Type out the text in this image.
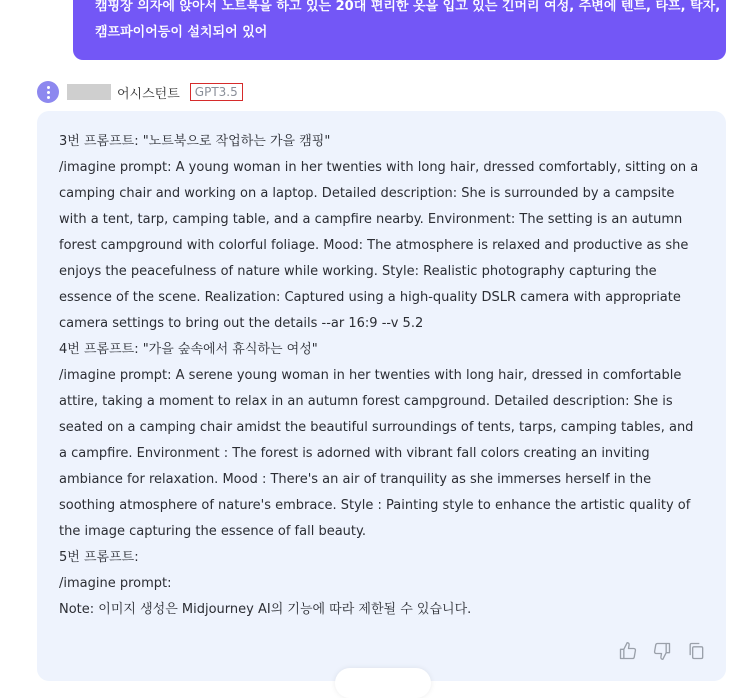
캠핑장 의자에 앉아서 노트북을 하고 있는 20대 편리한 옷을 입고 있는 긴머리 여성, 주변에 텐트, 타프, 탁자,
캠프파이어등이 설치되어 있어
어시스턴트	GPT3.5
3번 프롬프트: "노트북으로 작업하는 가을 캠핑"
/imagine prompt: A young woman in her twenties with long hair, dressed comfortably, sitting on a
camping chair and working on a laptop. Detailed description: She is surrounded by a campsite
with a tent, tarp, camping table, and a campfire nearby. Environment: The setting is an autumn
forest campground with colorful foliage. Mood: The atmosphere is relaxed and productive as she
enjoys the peacefulness of nature while working. Style: Realistic photography capturing the
essence of the scene. Realization: Captured using a high-quality DSLR camera with appropriate
camera settings to bring out the details --ar 16:9 --v 5.2
4번 프롬프트: "가을 숲속에서 휴식하는 여성"
/imagine prompt: A serene young woman in her twenties with long hair, dressed in comfortable
attire, taking a moment to relax in an autumn forest campground. Detailed description: She is
seated on a camping chair amidst the beautiful surroundings of tents, tarps, camping tables, and
a campfire. Environment : The forest is adorned with vibrant fall colors creating an inviting
ambiance for relaxation. Mood : There's an air of tranquility as she immerses herself in the
soothing atmosphere of nature's embrace. Style : Painting style to enhance the artistic quality of
the image capturing the essence of fall beauty.
5번 프롬프트:
/imagine prompt:
Note: 이미지 생성은 Midjourney AI의 기능에 따라 제한될 수 있습니다.
